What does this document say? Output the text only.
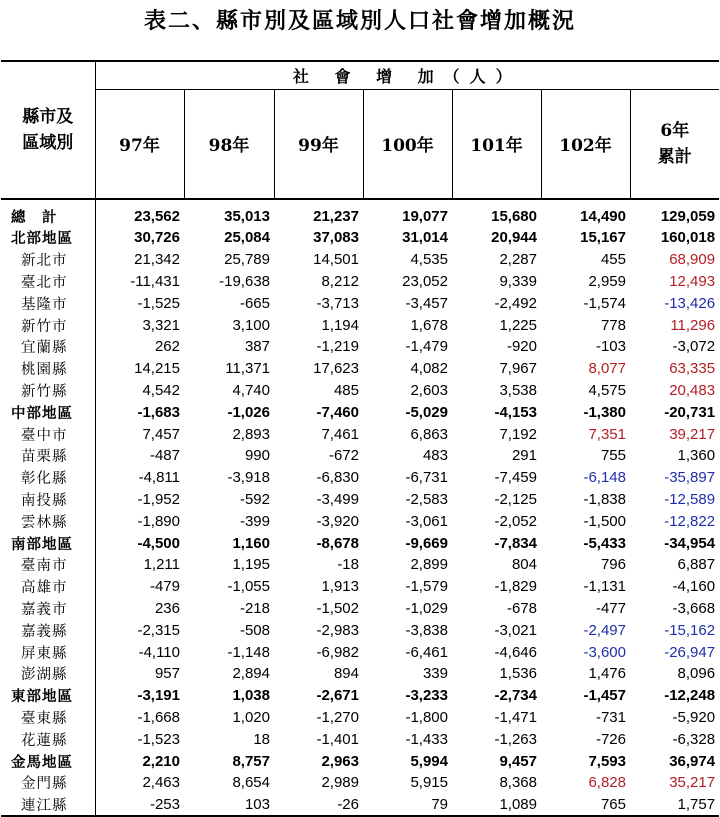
表二、縣市別及區域別人口社會增加概況
縣市及
區域別	社 會 增 加（人）						
	97年	98年	99年	100年	101年	102年	6年
累計
總　計	23,562	35,013	21,237	19,077	15,680	14,490	129,059
北部地區	30,726	25,084	37,083	31,014	20,944	15,167	160,018
新北市	21,342	25,789	14,501	4,535	2,287	455	68,909
臺北市	-11,431	-19,638	8,212	23,052	9,339	2,959	12,493
基隆市	-1,525	-665	-3,713	-3,457	-2,492	-1,574	-13,426
新竹市	3,321	3,100	1,194	1,678	1,225	778	11,296
宜蘭縣	262	387	-1,219	-1,479	-920	-103	-3,072
桃園縣	14,215	11,371	17,623	4,082	7,967	8,077	63,335
新竹縣	4,542	4,740	485	2,603	3,538	4,575	20,483
中部地區	-1,683	-1,026	-7,460	-5,029	-4,153	-1,380	-20,731
臺中市	7,457	2,893	7,461	6,863	7,192	7,351	39,217
苗栗縣	-487	990	-672	483	291	755	1,360
彰化縣	-4,811	-3,918	-6,830	-6,731	-7,459	-6,148	-35,897
南投縣	-1,952	-592	-3,499	-2,583	-2,125	-1,838	-12,589
雲林縣	-1,890	-399	-3,920	-3,061	-2,052	-1,500	-12,822
南部地區	-4,500	1,160	-8,678	-9,669	-7,834	-5,433	-34,954
臺南市	1,211	1,195	-18	2,899	804	796	6,887
高雄市	-479	-1,055	1,913	-1,579	-1,829	-1,131	-4,160
嘉義市	236	-218	-1,502	-1,029	-678	-477	-3,668
嘉義縣	-2,315	-508	-2,983	-3,838	-3,021	-2,497	-15,162
屏東縣	-4,110	-1,148	-6,982	-6,461	-4,646	-3,600	-26,947
澎湖縣	957	2,894	894	339	1,536	1,476	8,096
東部地區	-3,191	1,038	-2,671	-3,233	-2,734	-1,457	-12,248
臺東縣	-1,668	1,020	-1,270	-1,800	-1,471	-731	-5,920
花蓮縣	-1,523	18	-1,401	-1,433	-1,263	-726	-6,328
金馬地區	2,210	8,757	2,963	5,994	9,457	7,593	36,974
金門縣	2,463	8,654	2,989	5,915	8,368	6,828	35,217
連江縣	-253	103	-26	79	1,089	765	1,757
